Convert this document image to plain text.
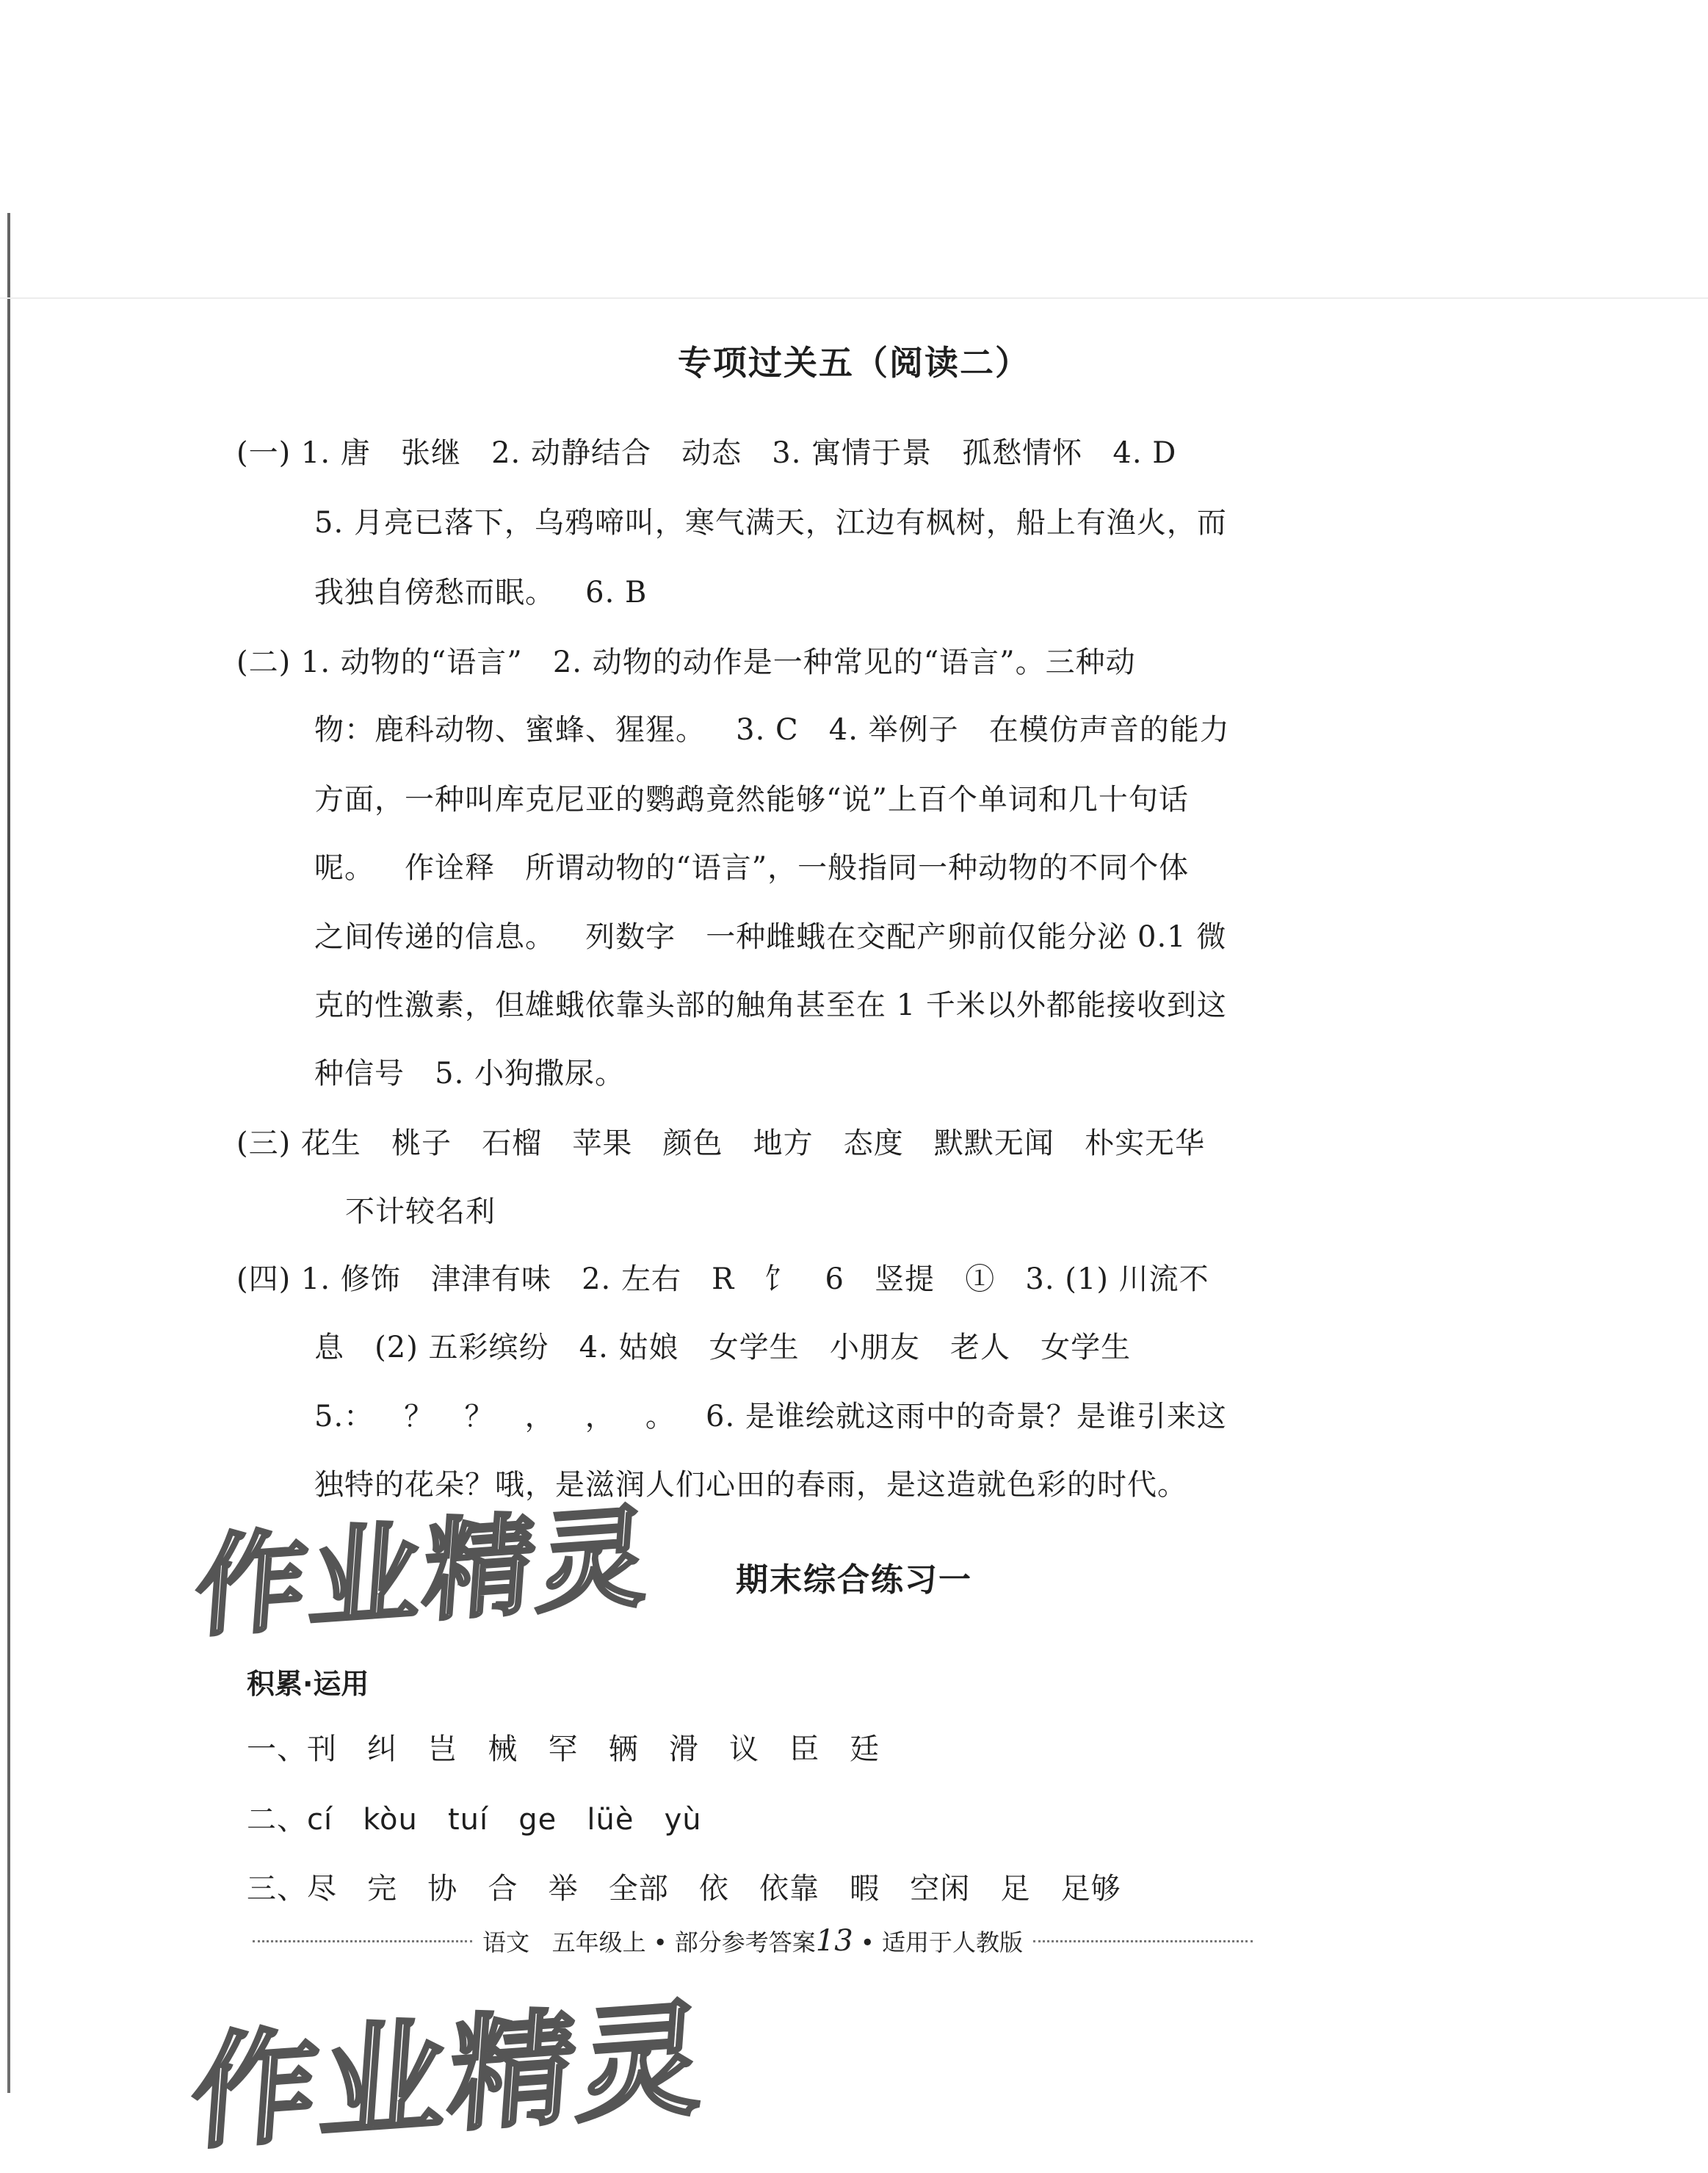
专项过关五（阅读二）
(一) 1. 唐   张继   2. 动静结合   动态   3. 寓情于景   孤愁情怀   4. D
5. 月亮已落下，乌鸦啼叫，寒气满天，江边有枫树，船上有渔火，而
我独自傍愁而眠。   6. B
(二) 1. 动物的“语言”   2. 动物的动作是一种常见的“语言”。三种动
物：鹿科动物、蜜蜂、猩猩。   3. C   4. 举例子   在模仿声音的能力
方面，一种叫库克尼亚的鹦鹉竟然能够“说”上百个单词和几十句话
呢。   作诠释   所谓动物的“语言”，一般指同一种动物的不同个体
之间传递的信息。   列数字   一种雌蛾在交配产卵前仅能分泌 0.1 微
克的性激素，但雄蛾依靠头部的触角甚至在 1 千米以外都能接收到这
种信号   5. 小狗撒尿。
(三) 花生   桃子   石榴   苹果   颜色   地方   态度   默默无闻   朴实无华
不计较名利
(四) 1. 修饰   津津有味   2. 左右   R   饣   6   竖提   ①   3. (1) 川流不
息   (2) 五彩缤纷   4. 姑娘   女学生   小朋友   老人   女学生
5.：   ？   ？   ，   ，   。   6. 是谁绘就这雨中的奇景？是谁引来这
独特的花朵？哦，是滋润人们心田的春雨，是这造就色彩的时代。
期末综合练习一
积累·运用
一、刊   纠   岂   械   罕   辆   滑   议   臣   廷
二、cí   kòu   tuí   ge   lüè   yù
三、尽   完   协   合   举   全部   依   依靠   暇   空闲   足   足够
作业精灵
作业精灵
语文   五年级上 • 部分参考答案 13 • 适用于人教版
